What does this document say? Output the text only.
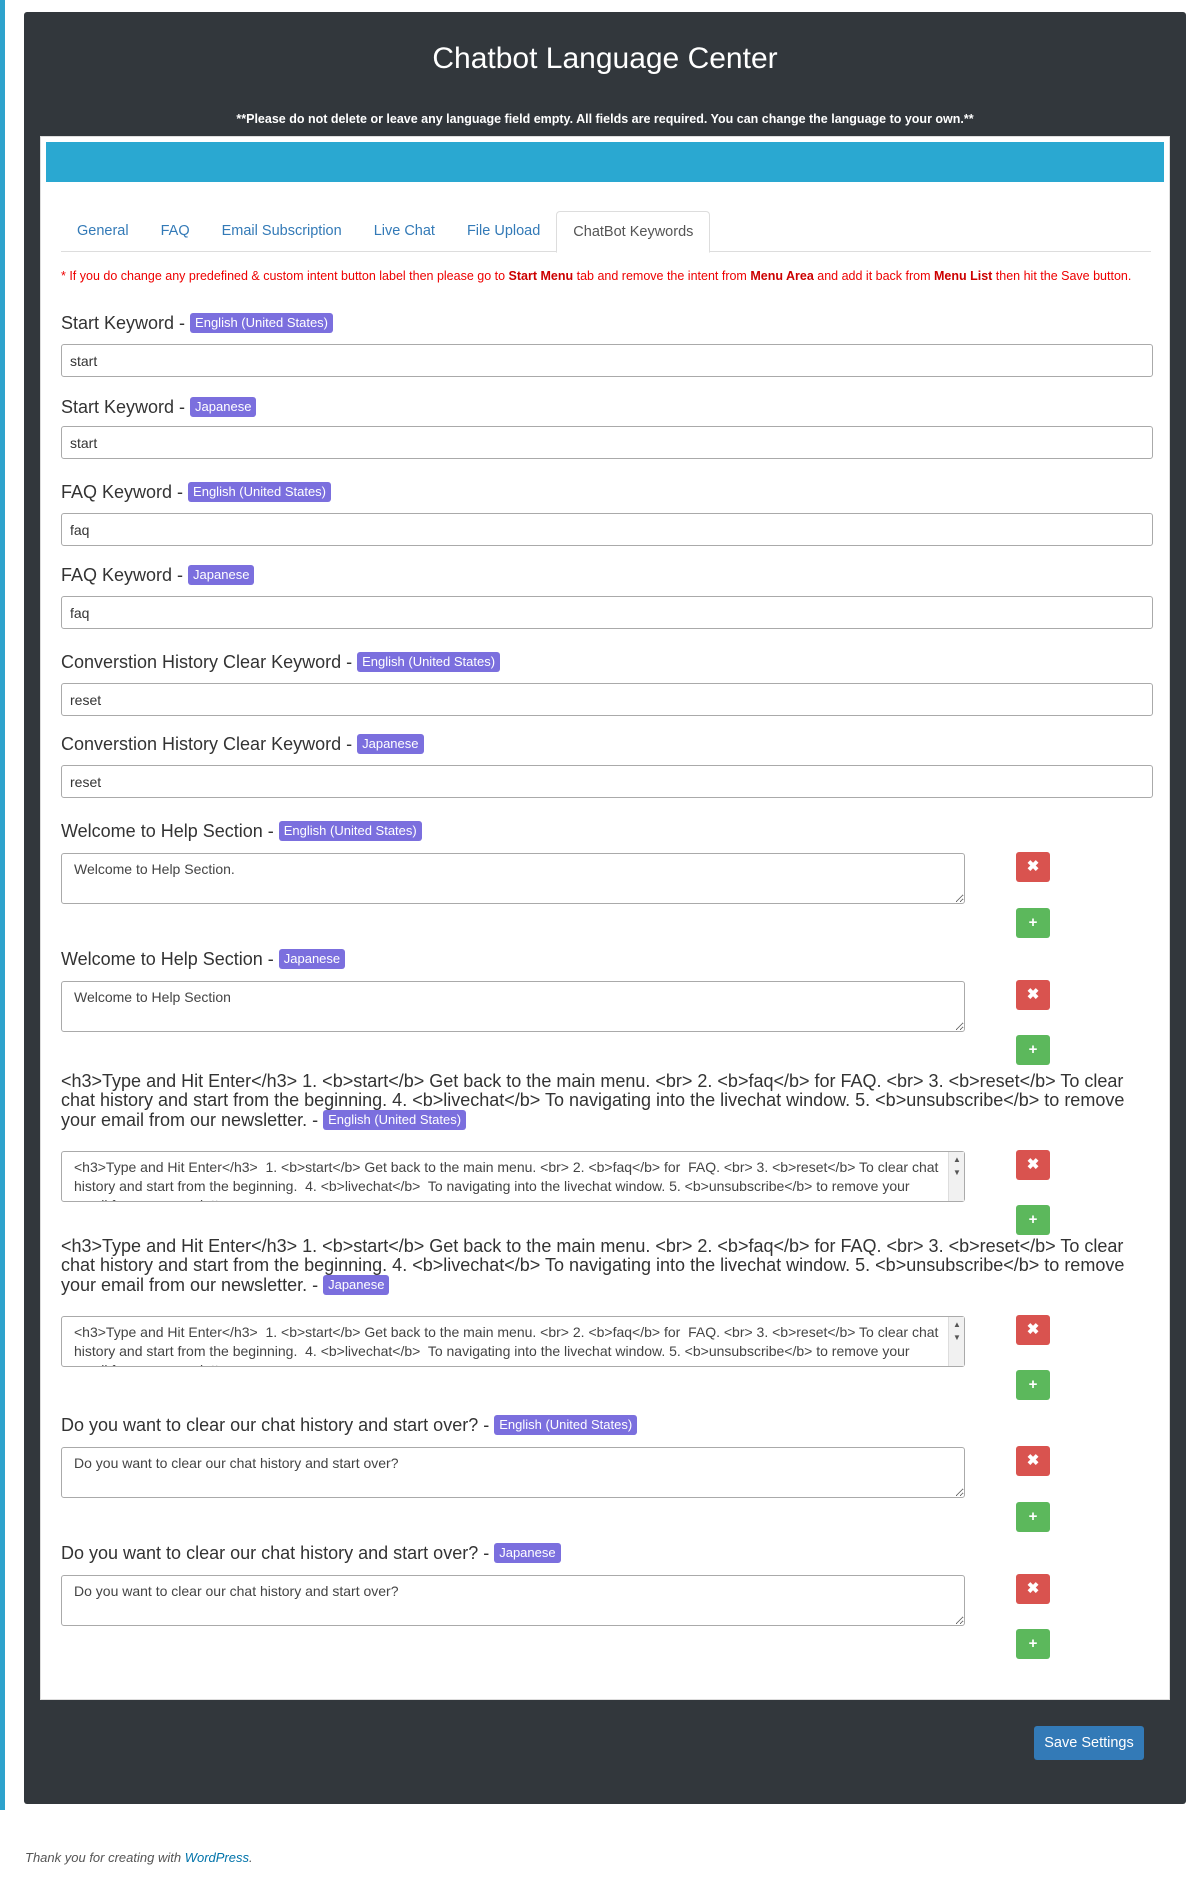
Chatbot Language Center
**Please do not delete or leave any language field empty. All fields are required. You can change the language to your own.**
General	FAQ	Email Subscription	Live Chat	File Upload	ChatBot Keywords
* If you do change any predefined & custom intent button label then please go to Start Menu tab and remove the intent from Menu Area and add it back from Menu List then hit the Save button.
Start Keyword - English (United States)
start
Start Keyword - Japanese
start
FAQ Keyword - English (United States)
faq
FAQ Keyword - Japanese
faq
Converstion History Clear Keyword - English (United States)
reset
Converstion History Clear Keyword - Japanese
reset
Welcome to Help Section - English (United States)
Welcome to Help Section.
✖
+
Welcome to Help Section - Japanese
Welcome to Help Section
✖
+
<h3>Type and Hit Enter</h3> 1. <b>start</b> Get back to the main menu. <br> 2. <b>faq</b> for FAQ. <br> 3. <b>reset</b> To clear chat history and start from the beginning. 4. <b>livechat</b> To navigating into the livechat window. 5. <b>unsubscribe</b> to remove your email from our newsletter. - English (United States)
<h3>Type and Hit Enter</h3> 1. <b>start</b> Get back to the main menu. <br> 2. <b>faq</b> for FAQ. <br> 3. <b>reset</b> To clear chat history and start from the beginning. 4. <b>livechat</b> To navigating into the livechat window. 5. <b>unsubscribe</b> to remove your email from our newsletter.
▲
▼	✖
+
<h3>Type and Hit Enter</h3> 1. <b>start</b> Get back to the main menu. <br> 2. <b>faq</b> for FAQ. <br> 3. <b>reset</b> To clear chat history and start from the beginning. 4. <b>livechat</b> To navigating into the livechat window. 5. <b>unsubscribe</b> to remove your email from our newsletter. - Japanese
<h3>Type and Hit Enter</h3> 1. <b>start</b> Get back to the main menu. <br> 2. <b>faq</b> for FAQ. <br> 3. <b>reset</b> To clear chat history and start from the beginning. 4. <b>livechat</b> To navigating into the livechat window. 5. <b>unsubscribe</b> to remove your email from our newsletter.
▲
▼	✖
+
Do you want to clear our chat history and start over? - English (United States)
Do you want to clear our chat history and start over?
✖
+
Do you want to clear our chat history and start over? - Japanese
Do you want to clear our chat history and start over?
✖
+
Save Settings
Thank you for creating with WordPress.
